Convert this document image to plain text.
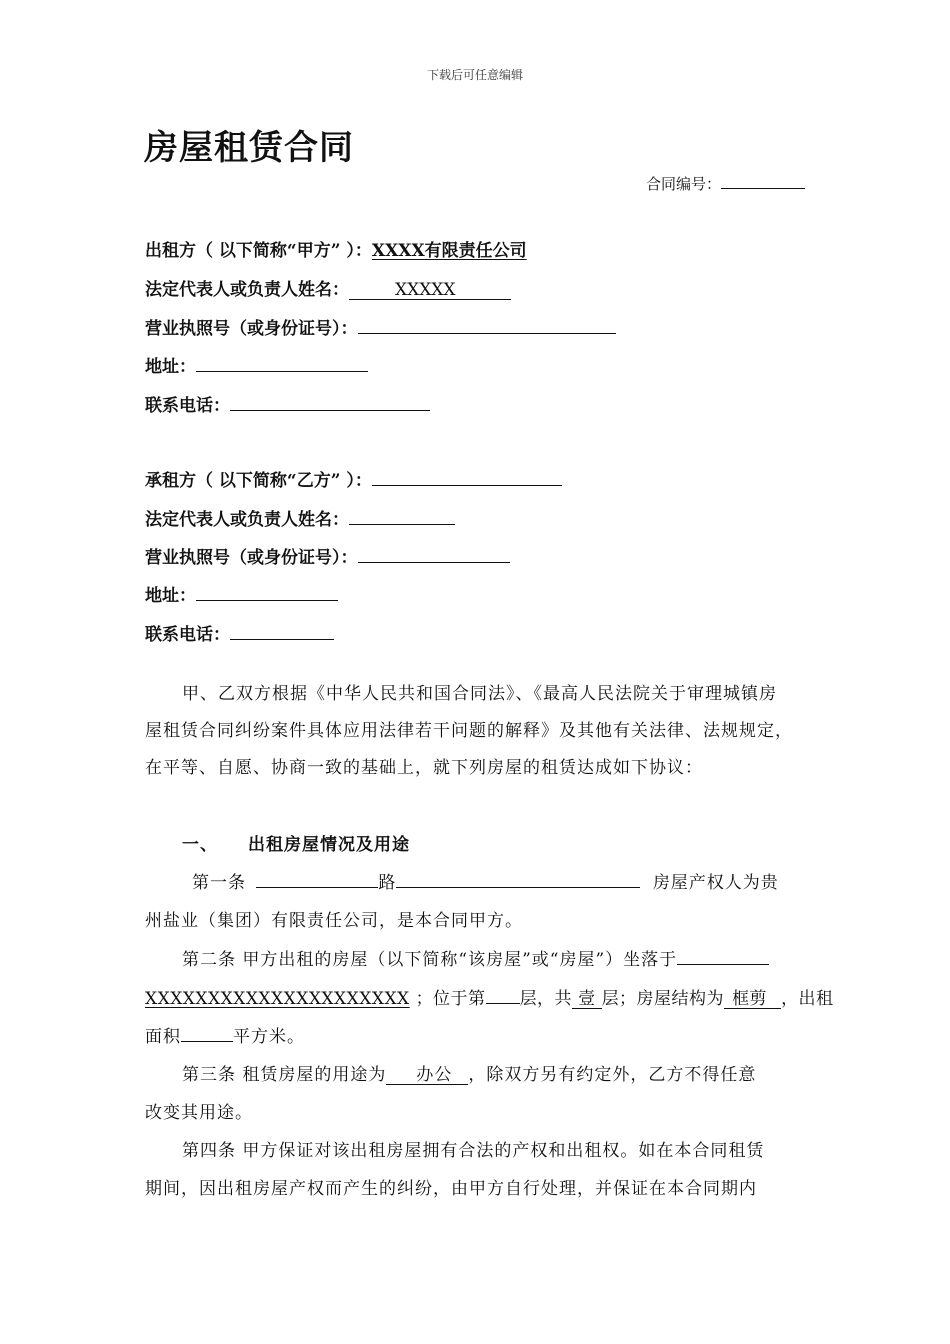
下载后可任意编辑
房屋租赁合同
合同编号：
出租方（ 以下简称“甲方” ）：XXXX有限责任公司
法定代表人或负责人姓名：	XXXXX
营业执照号（或身份证号）：
地址：
联系电话：
承租方（ 以下简称“乙方” ）：
法定代表人或负责人姓名：
营业执照号（或身份证号）：
地址：
联系电话：
甲、乙双方根据《中华人民共和国合同法》、《最高人民法院关于审理城镇房
屋租赁合同纠纷案件具体应用法律若干问题的解释》及其他有关法律、法规规定，
在平等、自愿、协商一致的基础上，就下列房屋的租赁达成如下协议：
一、 出租房屋情况及用途
第一条	路	房屋产权人为贵
州盐业（集团）有限责任公司，是本合同甲方。
第二条 甲方出租的房屋（以下简称“该房屋”或“房屋”）坐落于
XXXXXXXXXXXXXXXXXXXXX ；位于第 层，共 壹 层；房屋结构为 框剪 ，出租
面积	平方米。
第三条 租赁房屋的用途为 办公 ，除双方另有约定外，乙方不得任意
改变其用途。
第四条 甲方保证对该出租房屋拥有合法的产权和出租权。如在本合同租赁
期间，因出租房屋产权而产生的纠纷，由甲方自行处理，并保证在本合同期内
